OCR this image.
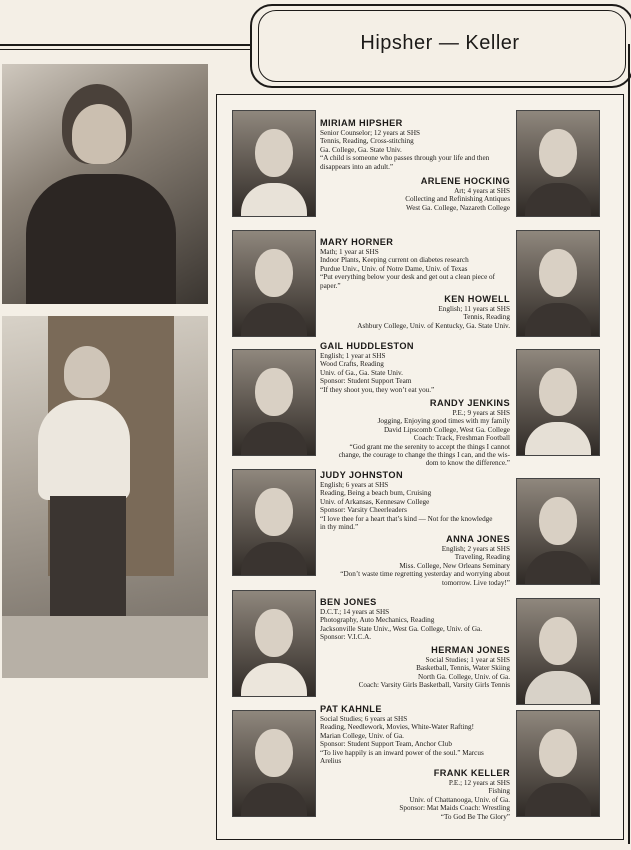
Hipsher — Keller
MIRIAM HIPSHER
Senior Counselor; 12 years at SHS
Tennis, Reading, Cross-stitching
Ga. College, Ga. State Univ.
“A child is someone who passes through your life and then
disappears into an adult.”
ARLENE HOCKING
Art; 4 years at SHS
Collecting and Refinishing Antiques
West Ga. College, Nazareth College
MARY HORNER
Math; 1 year at SHS
Indoor Plants, Keeping current on diabetes research
Purdue Univ., Univ. of Notre Dame, Univ. of Texas
“Put everything below your desk and get out a clean piece of
paper.”
KEN HOWELL
English; 11 years at SHS
Tennis, Reading
Ashbury College, Univ. of Kentucky, Ga. State Univ.
GAIL HUDDLESTON
English; 1 year at SHS
Wood Crafts, Reading
Univ. of Ga., Ga. State Univ.
Sponsor: Student Support Team
“If they shoot you, they won’t eat you.”
RANDY JENKINS
P.E.; 9 years at SHS
Jogging, Enjoying good times with my family
David Lipscomb College, West Ga. College
Coach: Track, Freshman Football
“God grant me the serenity to accept the things I cannot
change, the courage to change the things I can, and the wis-
dom to know the difference.”
JUDY JOHNSTON
English; 6 years at SHS
Reading, Being a beach bum, Cruising
Univ. of Arkansas, Kennesaw College
Sponsor: Varsity Cheerleaders
“I love thee for a heart that’s kind — Not for the knowledge
in thy mind.”
ANNA JONES
English; 2 years at SHS
Traveling, Reading
Miss. College, New Orleans Seminary
“Don’t waste time regretting yesterday and worrying about
tomorrow. Live today!”
BEN JONES
D.C.T.; 14 years at SHS
Photography, Auto Mechanics, Reading
Jacksonville State Univ., West Ga. College, Univ. of Ga.
Sponsor: V.I.C.A.
HERMAN JONES
Social Studies; 1 year at SHS
Basketball, Tennis, Water Skiing
North Ga. College, Univ. of Ga.
Coach: Varsity Girls Basketball, Varsity Girls Tennis
PAT KAHNLE
Social Studies; 6 years at SHS
Reading, Needlework, Movies, White-Water Rafting!
Marian College, Univ. of Ga.
Sponsor: Student Support Team, Anchor Club
“To live happily is an inward power of the soul.” Marcus
Arelius
FRANK KELLER
P.E.; 12 years at SHS
Fishing
Univ. of Chattanooga, Univ. of Ga.
Sponsor: Mat Maids Coach: Wrestling
“To God Be The Glory”
